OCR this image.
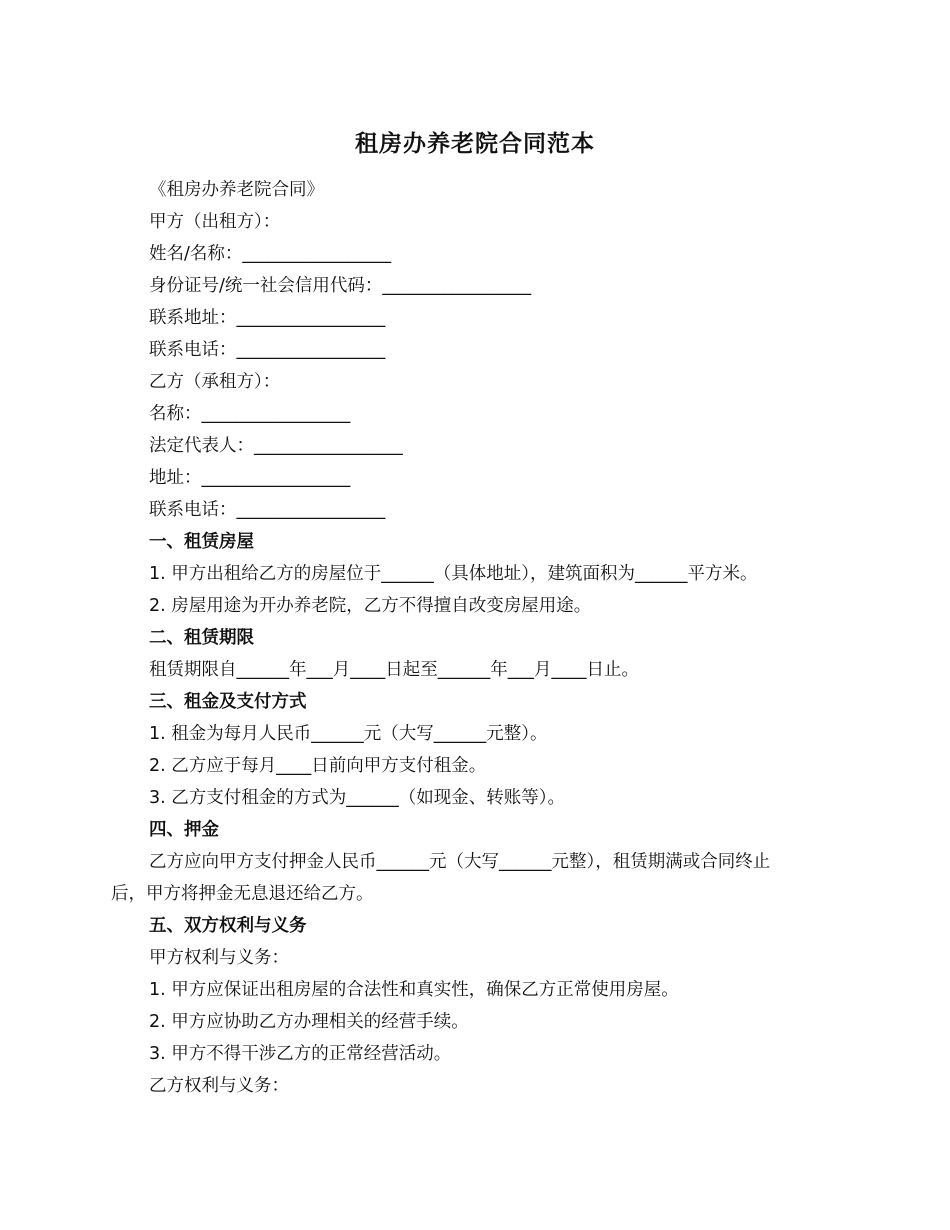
租房办养老院合同范本
《租房办养老院合同》
甲方（出租方）：
姓名/名称：_________________
身份证号/统一社会信用代码：_________________
联系地址：_________________
联系电话：_________________
乙方（承租方）：
名称：_________________
法定代表人：_________________
地址：_________________
联系电话：_________________
一、租赁房屋
1. 甲方出租给乙方的房屋位于______（具体地址），建筑面积为______平方米。
2. 房屋用途为开办养老院，乙方不得擅自改变房屋用途。
二、租赁期限
租赁期限自______年___月____日起至______年___月____日止。
三、租金及支付方式
1. 租金为每月人民币______元（大写______元整）。
2. 乙方应于每月____日前向甲方支付租金。
3. 乙方支付租金的方式为______（如现金、转账等）。
四、押金
乙方应向甲方支付押金人民币______元（大写______元整），租赁期满或合同终止
后，甲方将押金无息退还给乙方。
五、双方权利与义务
甲方权利与义务：
1. 甲方应保证出租房屋的合法性和真实性，确保乙方正常使用房屋。
2. 甲方应协助乙方办理相关的经营手续。
3. 甲方不得干涉乙方的正常经营活动。
乙方权利与义务：
